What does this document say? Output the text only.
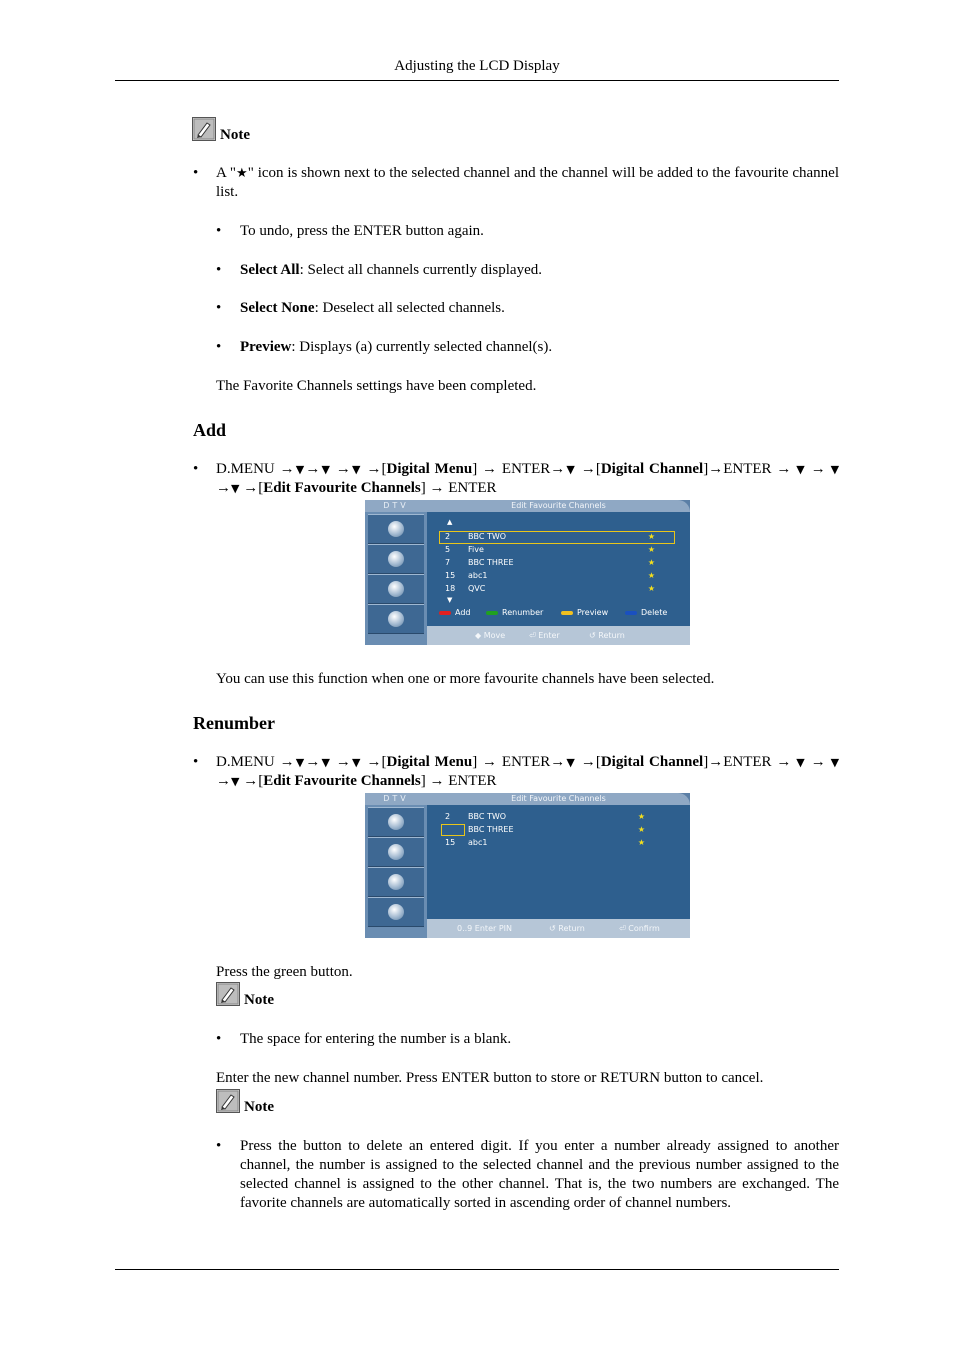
Adjusting the LCD Display
Note
• A "★" icon is shown next to the selected channel and the channel will be added to the favourite channel list.
• To undo, press the ENTER button again.
• Select All: Select all channels currently displayed.
• Select None: Deselect all selected channels.
• Preview: Displays (a) currently selected channel(s).
The Favorite Channels settings have been completed.
Add
• D.MENU →▼→▼ →▼ →[Digital Menu] → ENTER→▼ →[Digital Channel]→ENTER → ▼ → ▼ →▼ →[Edit Favourite Channels] → ENTER
DTV	Edit Favourite Channels
▲
2 BBC TWO	★
5 Five	★
7 BBC THREE	★
15 abc1	★
18 QVC	★
▼
Add	Renumber	Preview	Delete
◆ Move	⏎ Enter	↺ Return
You can use this function when one or more favourite channels have been selected.
Renumber
• D.MENU →▼→▼ →▼ →[Digital Menu] → ENTER→▼ →[Digital Channel]→ENTER → ▼ → ▼ →▼ →[Edit Favourite Channels] → ENTER
DTV	Edit Favourite Channels
2 BBC TWO	★
BBC THREE	★
15 abc1	★
0..9 Enter PIN	↺ Return	⏎ Confirm
Press the green button.
Note
• The space for entering the number is a blank.
Enter the new channel number. Press ENTER button to store or RETURN button to cancel.
Note
• Press the button to delete an entered digit. If you enter a number already assigned to another channel, the number is assigned to the selected channel and the previous number assigned to the selected channel is assigned to the other channel. That is, the two numbers are exchanged. The favorite channels are automatically sorted in ascending order of channel numbers.
